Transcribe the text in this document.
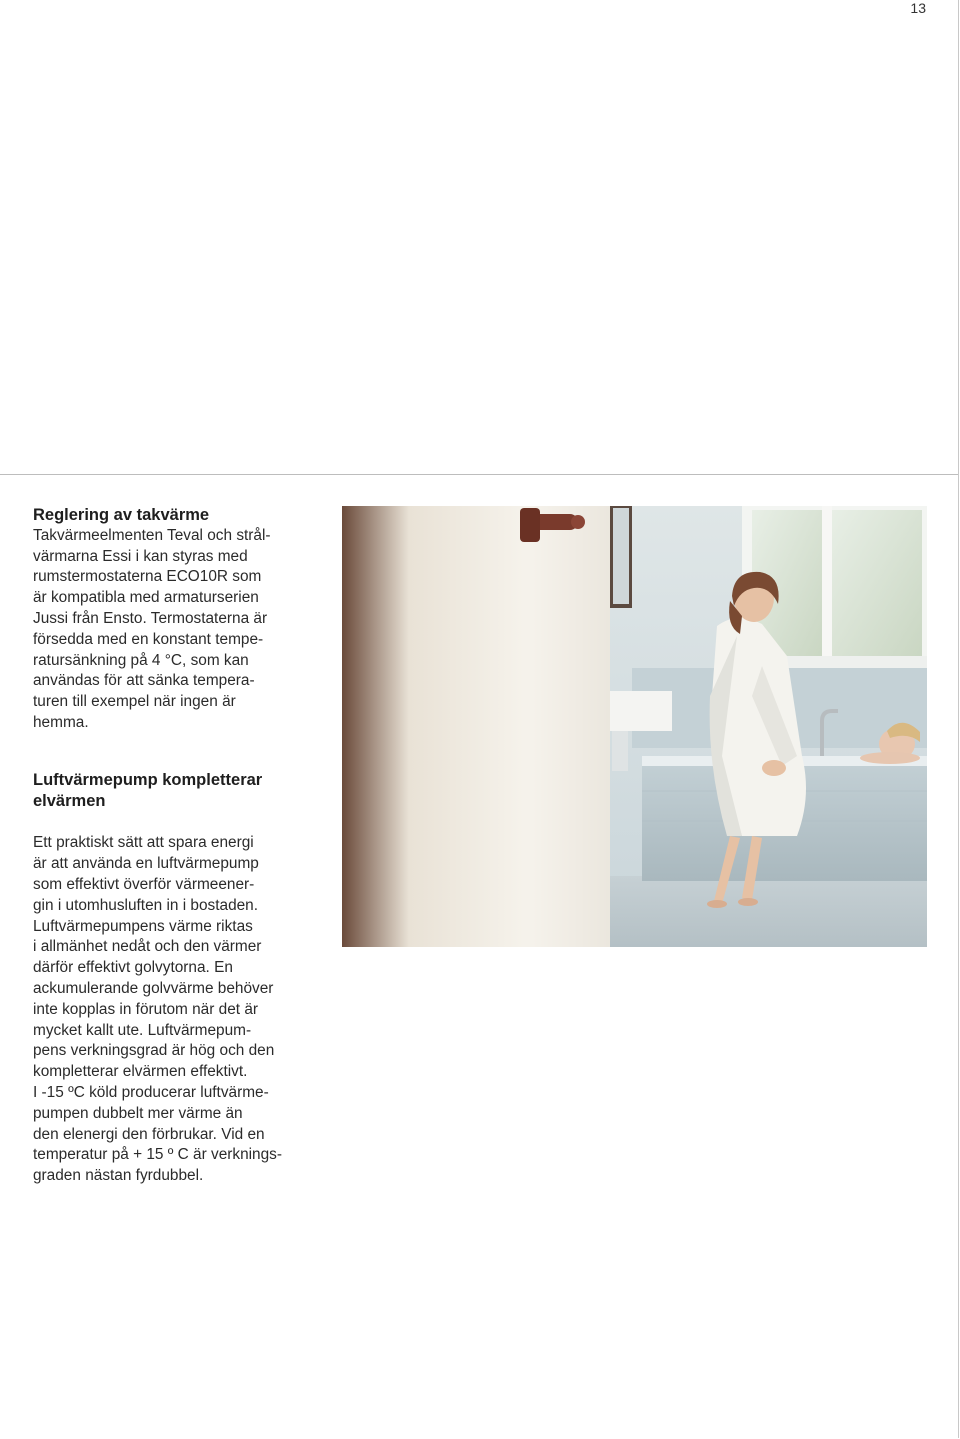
13
Reglering av takvärme

Takvärmeelmenten Teval och strål-
värmarna Essi i kan styras med
rumstermostaterna ECO10R som
är kompatibla med armaturserien
Jussi från Ensto. Termostaterna är
försedda med en konstant tempe-
ratursänkning på 4 °C, som kan
användas för att sänka tempera-
turen till exempel när ingen är
hemma.

Luftvärmepump kompletterar
elvärmen

Ett praktiskt sätt att spara energi
är att använda en luftvärmepump
som effektivt överför värmeener-
gin i utomhusluften in i bostaden.
Luftvärmepumpens värme riktas
i allmänhet nedåt och den värmer
därför effektivt golvytorna. En
ackumulerande golvvärme behöver
inte kopplas in förutom när det är
mycket kallt ute. Luftvärmepum-
pens verkningsgrad är hög och den
kompletterar elvärmen effektivt.
I -15 ºC köld producerar luftvärme-
pumpen dubbelt mer värme än
den elenergi den förbrukar. Vid en
temperatur på + 15 º C är verknings-
graden nästan fyrdubbel.
